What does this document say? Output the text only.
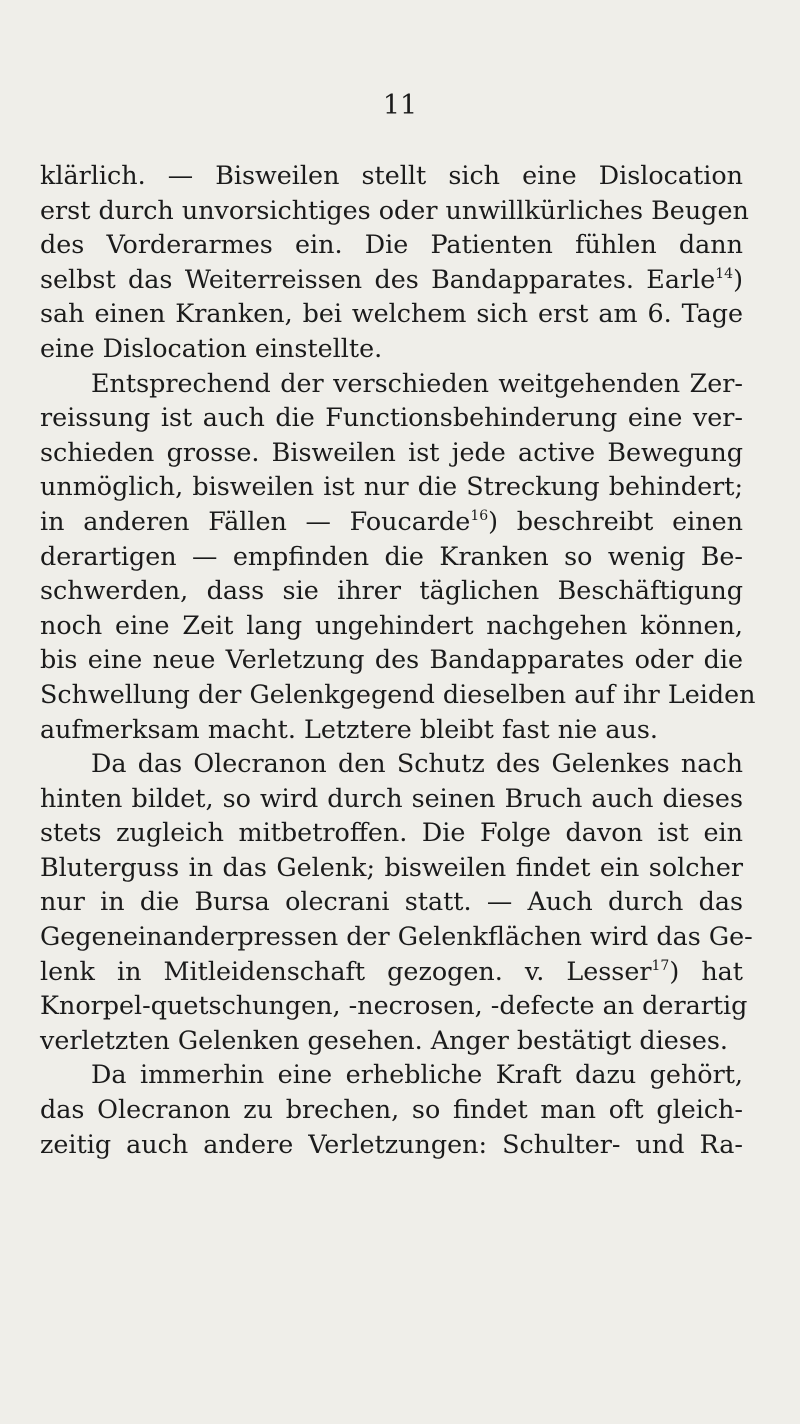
11
klärlich. — Bisweilen stellt sich eine Dislocation
erst durch unvorsichtiges oder unwillkürliches Beugen
des Vorderarmes ein. Die Patienten fühlen dann
selbst das Weiterreissen des Bandapparates. Earle$^{14}$)
sah einen Kranken, bei welchem sich erst am 6. Tage
eine Dislocation einstellte.
Entsprechend der verschieden weitgehenden Zer-
reissung ist auch die Functionsbehinderung eine ver-
schieden grosse. Bisweilen ist jede active Bewegung
unmöglich, bisweilen ist nur die Streckung behindert;
in anderen Fällen — Foucarde$^{16}$) beschreibt einen
derartigen — empfinden die Kranken so wenig Be-
schwerden, dass sie ihrer täglichen Beschäftigung
noch eine Zeit lang ungehindert nachgehen können,
bis eine neue Verletzung des Bandapparates oder die
Schwellung der Gelenkgegend dieselben auf ihr Leiden
aufmerksam macht. Letztere bleibt fast nie aus.
Da das Olecranon den Schutz des Gelenkes nach
hinten bildet, so wird durch seinen Bruch auch dieses
stets zugleich mitbetroffen. Die Folge davon ist ein
Bluterguss in das Gelenk; bisweilen findet ein solcher
nur in die Bursa olecrani statt. — Auch durch das
Gegeneinanderpressen der Gelenkflächen wird das Ge-
lenk in Mitleidenschaft gezogen. v. Lesser$^{17}$) hat
Knorpel-quetschungen, -necrosen, -defecte an derartig
verletzten Gelenken gesehen. Anger bestätigt dieses.
Da immerhin eine erhebliche Kraft dazu gehört,
das Olecranon zu brechen, so findet man oft gleich-
zeitig auch andere Verletzungen: Schulter- und Ra-
